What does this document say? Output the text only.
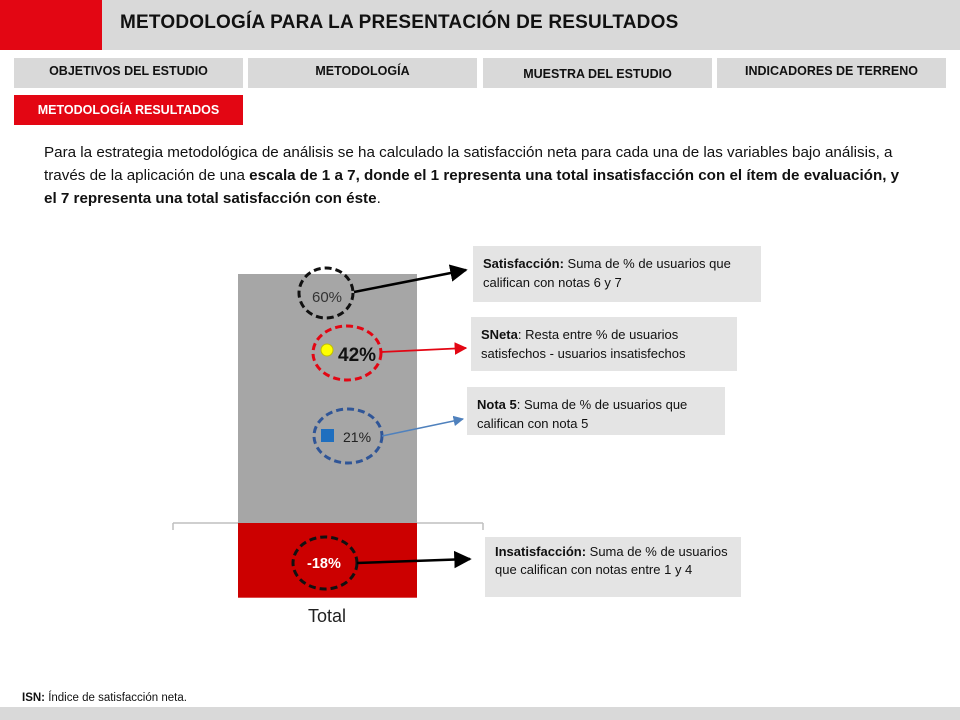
METODOLOGÍA PARA LA PRESENTACIÓN DE RESULTADOS
OBJETIVOS DEL ESTUDIO	METODOLOGÍA	MUESTRA DEL ESTUDIO	INDICADORES DE TERRENO
METODOLOGÍA RESULTADOS
Para la estrategia metodológica de análisis se ha calculado la satisfacción neta para cada una de las variables bajo análisis, a través de la aplicación de una escala de 1 a 7, donde el 1 representa una total insatisfacción con el ítem de evaluación, y el 7 representa una total satisfacción con éste.
60%
42%
21%
-18%
Total
Satisfacción: Suma de % de usuarios que califican con notas 6 y 7
SNeta: Resta entre % de usuarios satisfechos - usuarios insatisfechos
Nota 5: Suma de % de usuarios que califican con nota 5
Insatisfacción: Suma de % de usuarios que califican con notas entre 1 y 4
ISN: Índice de satisfacción neta.
